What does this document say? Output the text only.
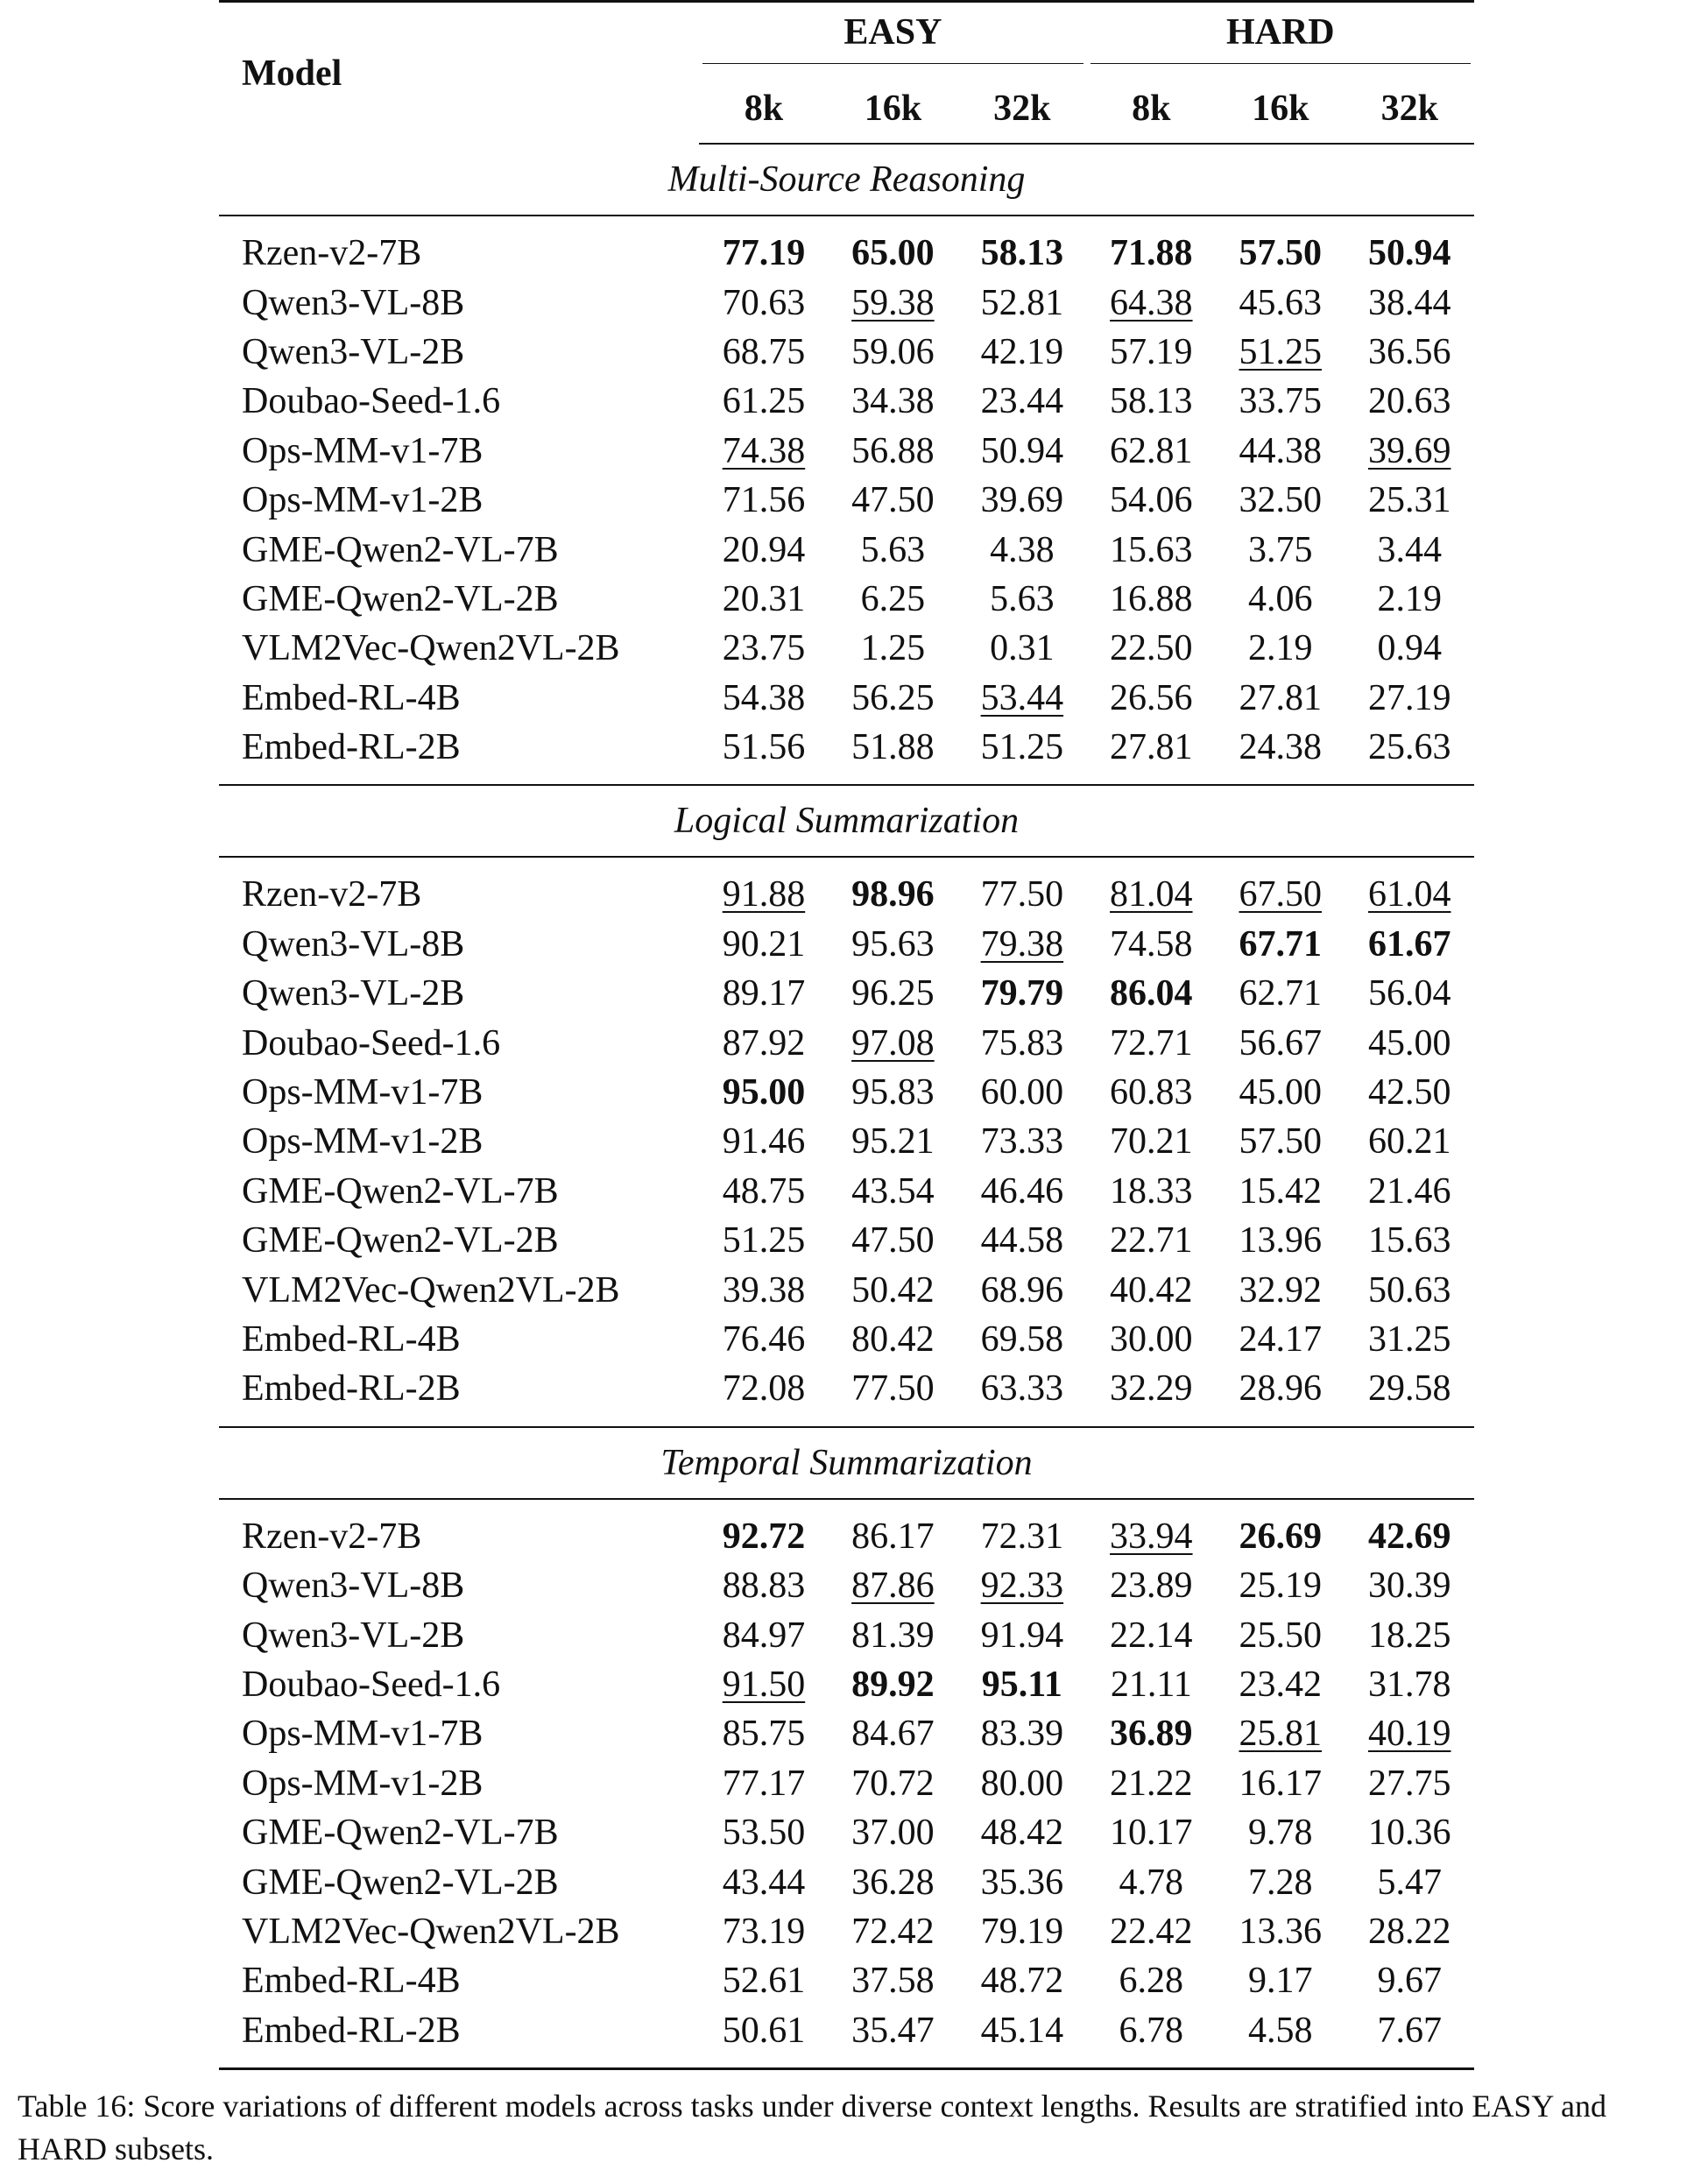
Model	EASY			HARD		

	8k	16k	32k	8k	16k	32k
Multi-Source Reasoning						
Rzen-v2-7B	77.19	65.00	58.13	71.88	57.50	50.94
Qwen3-VL-8B	70.63	59.38	52.81	64.38	45.63	38.44
Qwen3-VL-2B	68.75	59.06	42.19	57.19	51.25	36.56
Doubao-Seed-1.6	61.25	34.38	23.44	58.13	33.75	20.63
Ops-MM-v1-7B	74.38	56.88	50.94	62.81	44.38	39.69
Ops-MM-v1-2B	71.56	47.50	39.69	54.06	32.50	25.31
GME-Qwen2-VL-7B	20.94	5.63	4.38	15.63	3.75	3.44
GME-Qwen2-VL-2B	20.31	6.25	5.63	16.88	4.06	2.19
VLM2Vec-Qwen2VL-2B	23.75	1.25	0.31	22.50	2.19	0.94
Embed-RL-4B	54.38	56.25	53.44	26.56	27.81	27.19
Embed-RL-2B	51.56	51.88	51.25	27.81	24.38	25.63
Logical Summarization						
Rzen-v2-7B	91.88	98.96	77.50	81.04	67.50	61.04
Qwen3-VL-8B	90.21	95.63	79.38	74.58	67.71	61.67
Qwen3-VL-2B	89.17	96.25	79.79	86.04	62.71	56.04
Doubao-Seed-1.6	87.92	97.08	75.83	72.71	56.67	45.00
Ops-MM-v1-7B	95.00	95.83	60.00	60.83	45.00	42.50
Ops-MM-v1-2B	91.46	95.21	73.33	70.21	57.50	60.21
GME-Qwen2-VL-7B	48.75	43.54	46.46	18.33	15.42	21.46
GME-Qwen2-VL-2B	51.25	47.50	44.58	22.71	13.96	15.63
VLM2Vec-Qwen2VL-2B	39.38	50.42	68.96	40.42	32.92	50.63
Embed-RL-4B	76.46	80.42	69.58	30.00	24.17	31.25
Embed-RL-2B	72.08	77.50	63.33	32.29	28.96	29.58
Temporal Summarization						
Rzen-v2-7B	92.72	86.17	72.31	33.94	26.69	42.69
Qwen3-VL-8B	88.83	87.86	92.33	23.89	25.19	30.39
Qwen3-VL-2B	84.97	81.39	91.94	22.14	25.50	18.25
Doubao-Seed-1.6	91.50	89.92	95.11	21.11	23.42	31.78
Ops-MM-v1-7B	85.75	84.67	83.39	36.89	25.81	40.19
Ops-MM-v1-2B	77.17	70.72	80.00	21.22	16.17	27.75
GME-Qwen2-VL-7B	53.50	37.00	48.42	10.17	9.78	10.36
GME-Qwen2-VL-2B	43.44	36.28	35.36	4.78	7.28	5.47
VLM2Vec-Qwen2VL-2B	73.19	72.42	79.19	22.42	13.36	28.22
Embed-RL-4B	52.61	37.58	48.72	6.28	9.17	9.67
Embed-RL-2B	50.61	35.47	45.14	6.78	4.58	7.67
Table 16: Score variations of different models across tasks under diverse context lengths. Results are stratified into EASY and HARD subsets.
